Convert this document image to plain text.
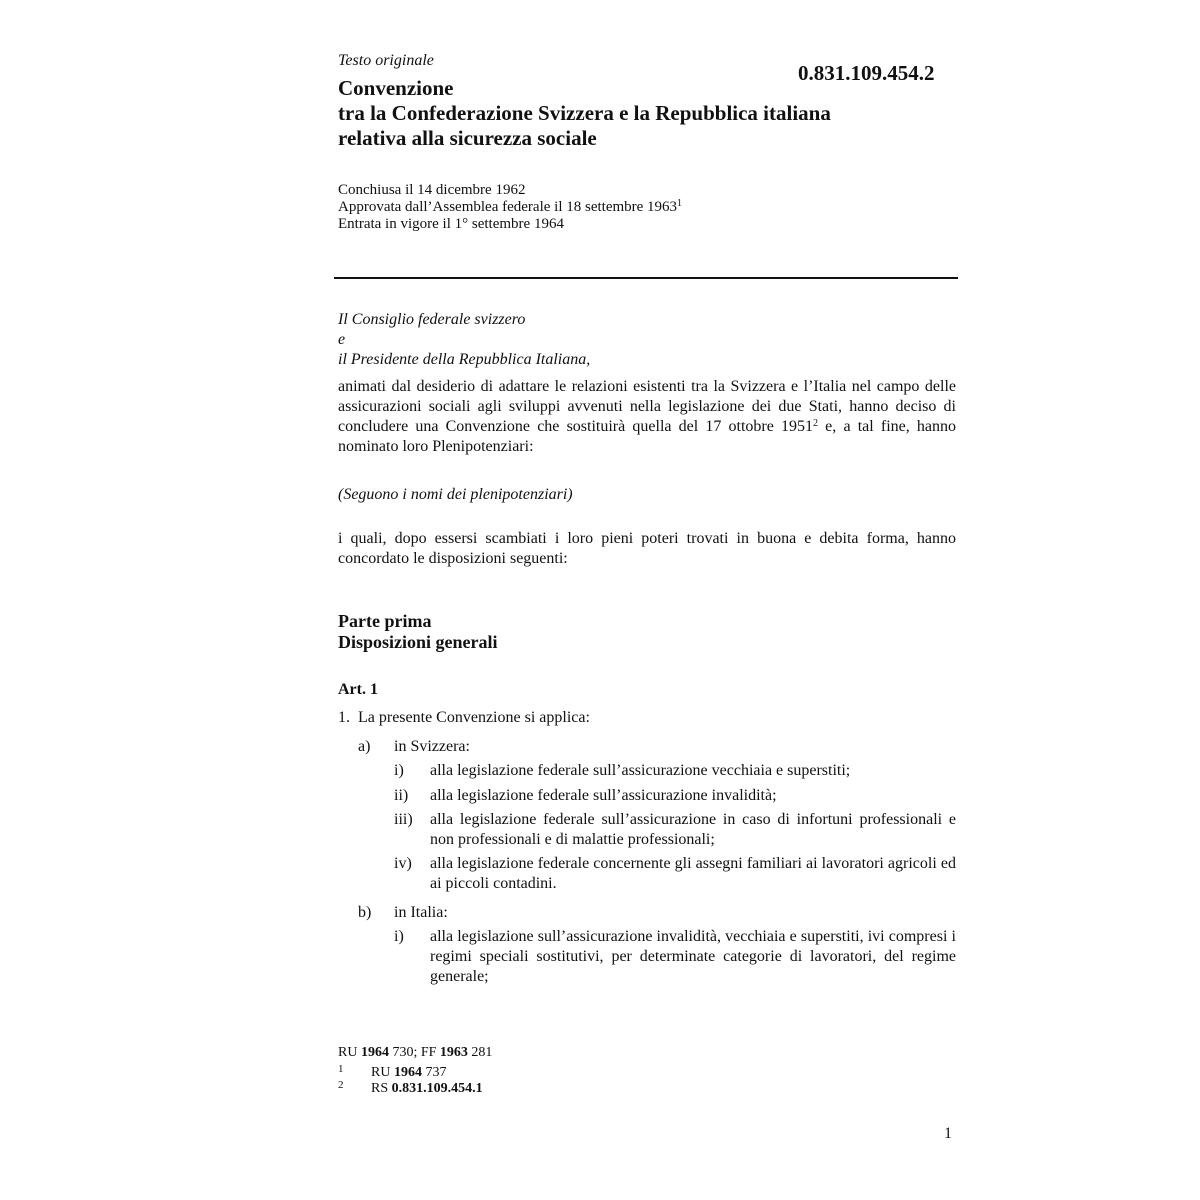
Testo originale
0.831.109.454.2
Convenzione
tra la Confederazione Svizzera e la Repubblica italiana
relativa alla sicurezza sociale
Conchiusa il 14 dicembre 1962
Approvata dall’Assemblea federale il 18 settembre 1963$^1$
Entrata in vigore il 1° settembre 1964
Il Consiglio federale svizzero
e
il Presidente della Repubblica Italiana,
animati dal desiderio di adattare le relazioni esistenti tra la Svizzera e l’Italia nel campo delle assicurazioni sociali agli sviluppi avvenuti nella legislazione dei due Stati, hanno deciso di concludere una Convenzione che sostituirà quella del 17 ottobre 1951$^2$ e, a tal fine, hanno nominato loro Plenipotenziari:
(Seguono i nomi dei plenipotenziari)
i quali, dopo essersi scambiati i loro pieni poteri trovati in buona e debita forma, hanno concordato le disposizioni seguenti:
Parte prima
Disposizioni generali
Art. 1
1. La presente Convenzione si applica:
a) in Svizzera:
i) alla legislazione federale sull’assicurazione vecchiaia e superstiti;
ii) alla legislazione federale sull’assicurazione invalidità;
iii) alla legislazione federale sull’assicurazione in caso di infortuni professionali e non professionali e di malattie professionali;
iv) alla legislazione federale concernente gli assegni familiari ai lavoratori agricoli ed ai piccoli contadini.
b) in Italia:
i) alla legislazione sull’assicurazione invalidità, vecchiaia e superstiti, ivi compresi i regimi speciali sostitutivi, per determinate categorie di lavoratori, del regime generale;
RU 1964 730; FF 1963 281
1 RU 1964 737
2 RS 0.831.109.454.1
1
